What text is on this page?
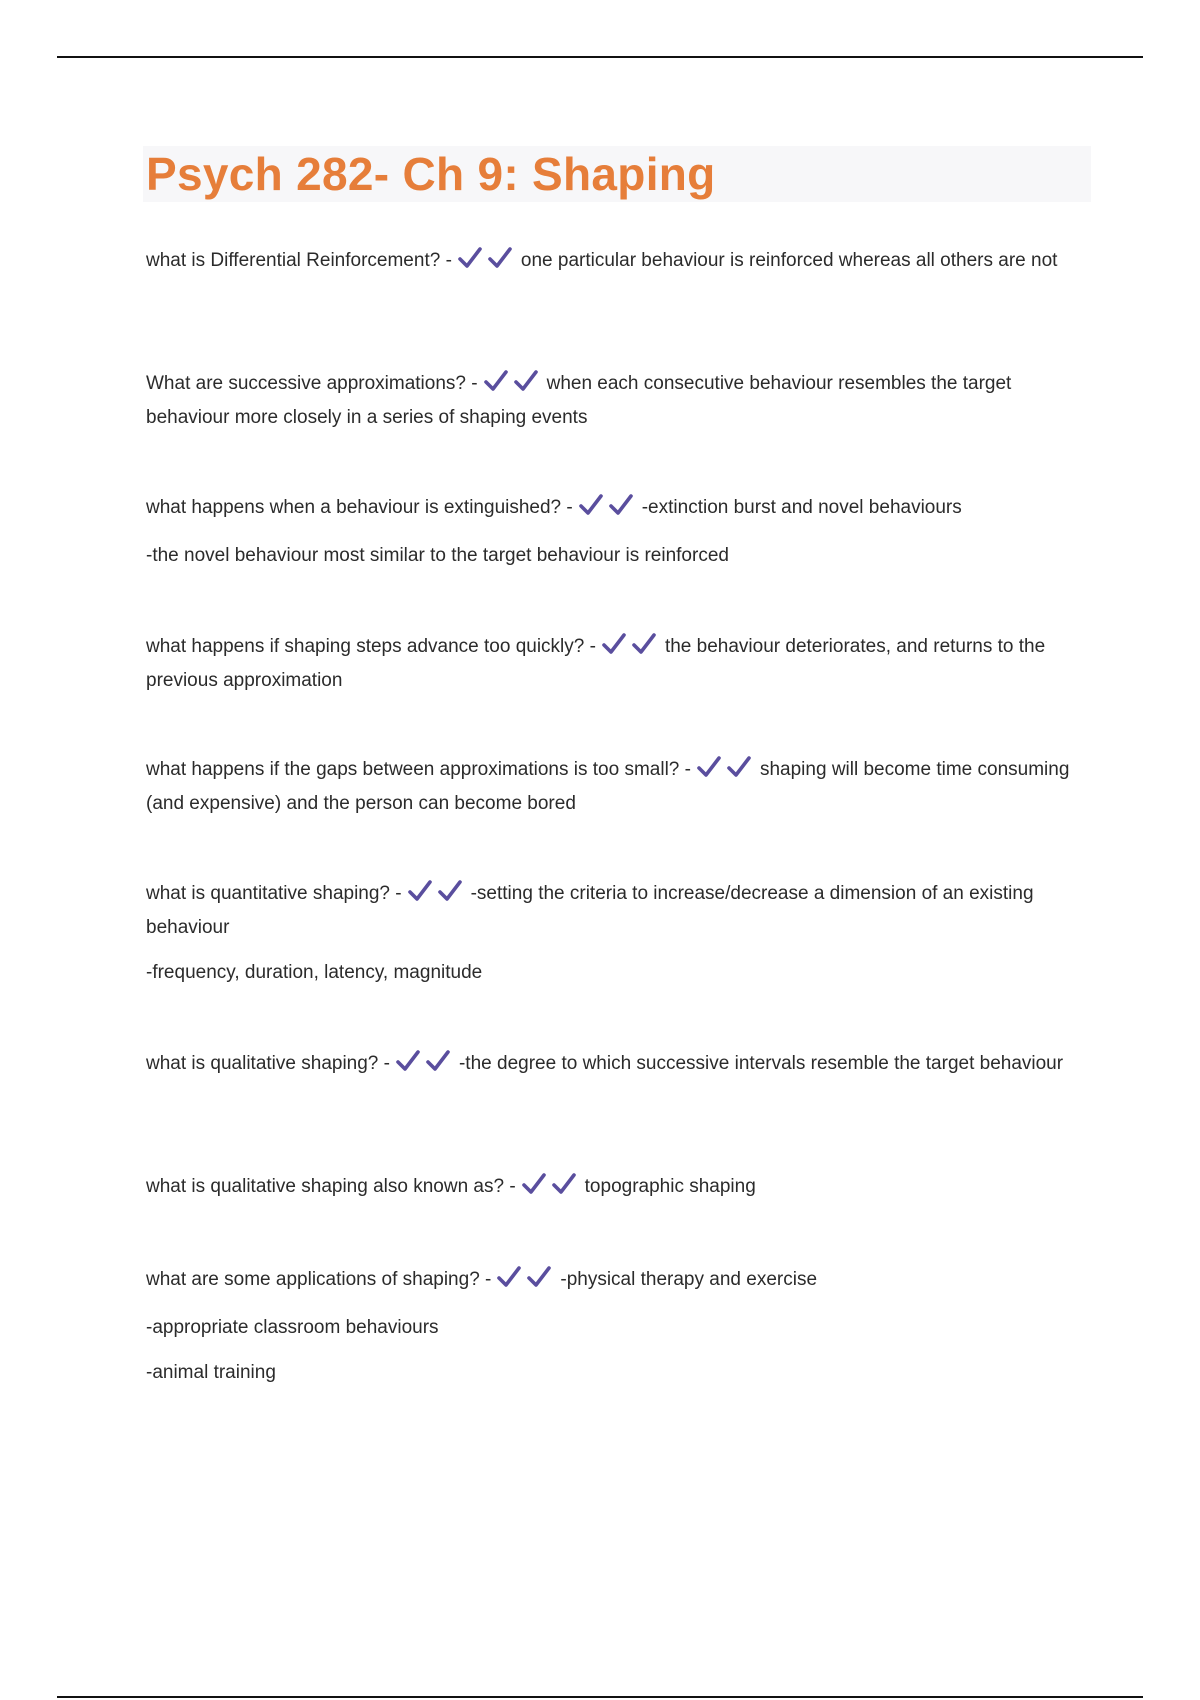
Psych 282- Ch 9: Shaping

what is Differential Reinforcement? -	one particular behaviour is reinforced whereas all others are not

What are successive approximations? -	when each consecutive behaviour resembles the target behaviour more closely in a series of shaping events

what happens when a behaviour is extinguished? -	-extinction burst and novel behaviours

-the novel behaviour most similar to the target behaviour is reinforced

what happens if shaping steps advance too quickly? -	the behaviour deteriorates, and returns to the previous approximation

what happens if the gaps between approximations is too small? -	shaping will become time consuming (and expensive) and the person can become bored

what is quantitative shaping? -	-setting the criteria to increase/decrease a dimension of an existing behaviour

-frequency, duration, latency, magnitude

what is qualitative shaping? -	-the degree to which successive intervals resemble the target behaviour

what is qualitative shaping also known as? -	topographic shaping

what are some applications of shaping? -	-physical therapy and exercise

-appropriate classroom behaviours

-animal training
